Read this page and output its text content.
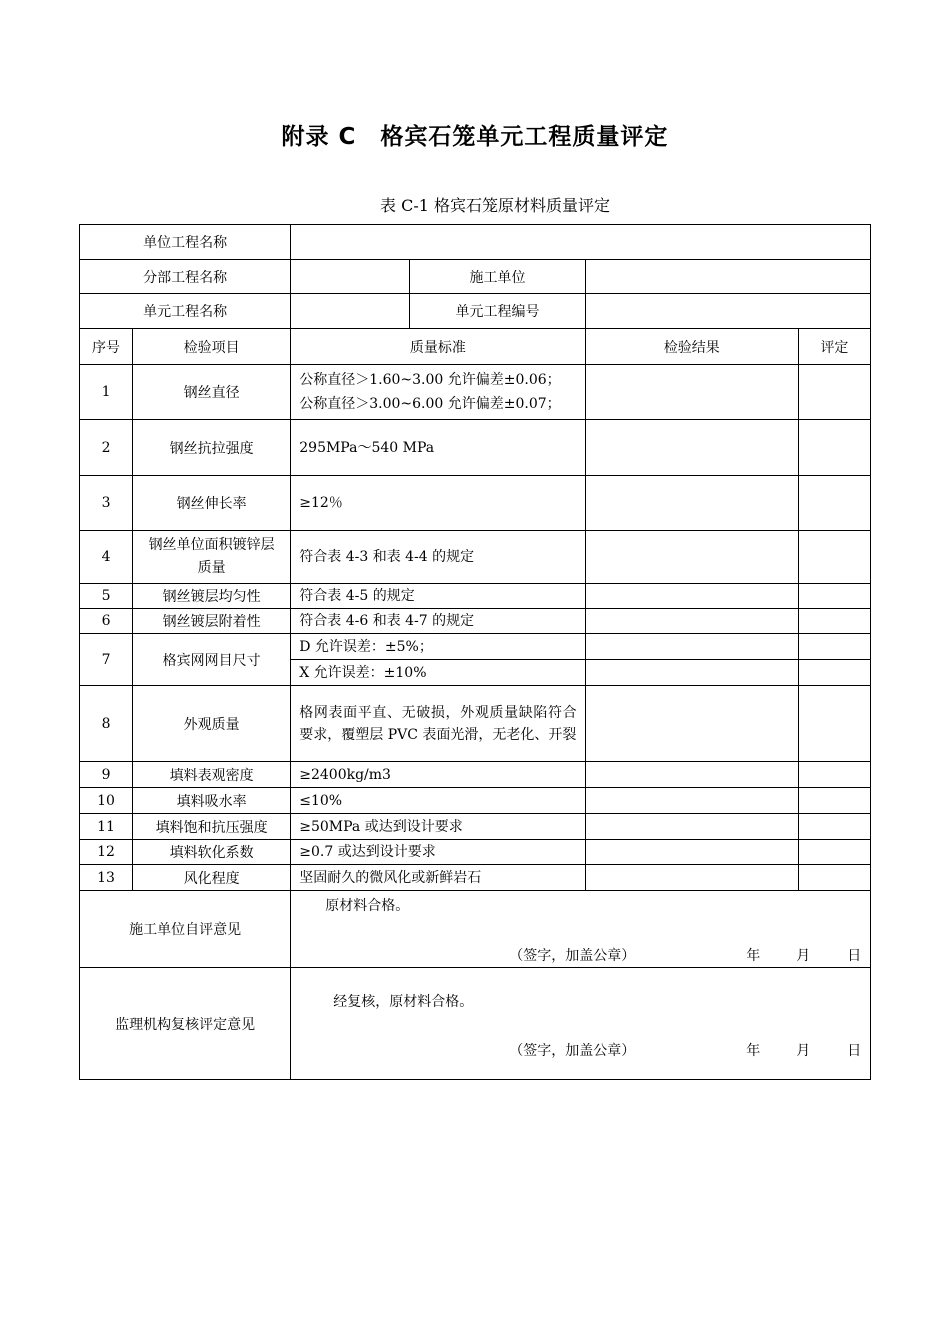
附录 C　格宾石笼单元工程质量评定
表 C-1 格宾石笼原材料质量评定
单位工程名称					
分部工程名称			施工单位		
单元工程名称			单元工程编号		
序号	检验项目	质量标准		检验结果	评定
1	钢丝直径	公称直径＞1.60~3.00 允许偏差±0.06；
公称直径＞3.00~6.00 允许偏差±0.07；			

2	钢丝抗拉强度	295MPa～540 MPa			
3	钢丝伸长率	≥12％			
4	钢丝单位面积镀锌层质量	符合表 4-3 和表 4-4 的规定			
5	钢丝镀层均匀性	符合表 4-5 的规定			
6	钢丝镀层附着性	符合表 4-6 和表 4-7 的规定			
7	格宾网网目尺寸	D 允许误差：±5%；			
		X 允许误差：±10%			
8	外观质量	格网表面平直、无破损，外观质量缺陷符合要求，覆塑层 PVC 表面光滑，无老化、开裂			
9	填料表观密度	≥2400kg/m3			
10	填料吸水率	≤10%			
11	填料饱和抗压强度	≥50MPa 或达到设计要求			
12	填料软化系数	≥0.7 或达到设计要求			
13	风化程度	坚固耐久的微风化或新鲜岩石			
施工单位自评意见		原材料合格。
（签字，加盖公章） 年 月 日			

监理机构复核评定意见		经复核，原材料合格。
（签字，加盖公章） 年 月 日			
